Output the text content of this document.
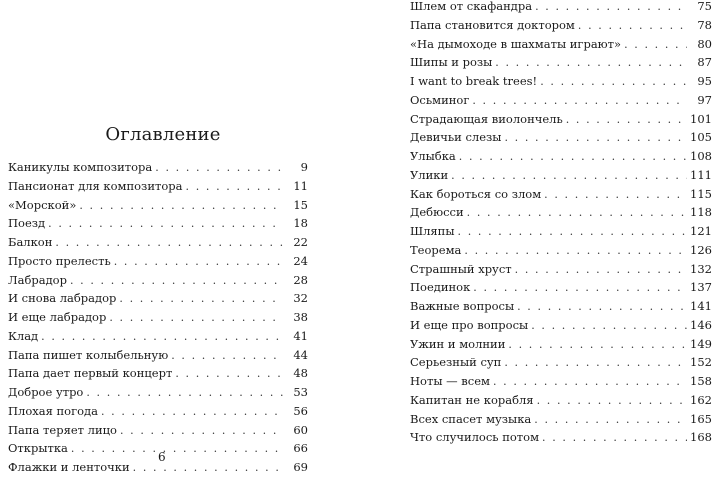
Оглавление
Каникулы композитора . . .	9
Пансионат для композитора . . .	11
«Морской» . . .	15
Поезд . . .	18
Балкон . . .	22
Просто прелесть . . .	24
Лабрадор . . .	28
И снова лабрадор . . .	32
И еще лабрадор . . .	38
Клад . . .	41
Папа пишет колыбельную . . .	44
Папа дает первый концерт . . .	48
Доброе утро . . .	53
Плохая погода . . .	56
Папа теряет лицо . . .	60
Открытка . . .	66
Флажки и ленточки . . .	69
6
Шлем от скафандра . . .	75
Папа становится доктором . . .	78
«На дымоходе в шахматы играют» . . .	80
Шипы и розы . . .	87
I want to break trees! . . .	95
Осьминог . . .	97
Страдающая виолончель . . .	101
Девичьи слезы . . .	105
Улыбка . . .	108
Улики . . .	111
Как бороться со злом . . .	115
Дебюсси . . .	118
Шляпы . . .	121
Теорема . . .	126
Страшный хруст . . .	132
Поединок . . .	137
Важные вопросы . . .	141
И еще про вопросы . . .	146
Ужин и молнии . . .	149
Серьезный суп . . .	152
Ноты — всем . . .	158
Капитан не корабля . . .	162
Всех спасет музыка . . .	165
Что случилось потом . . .	168
